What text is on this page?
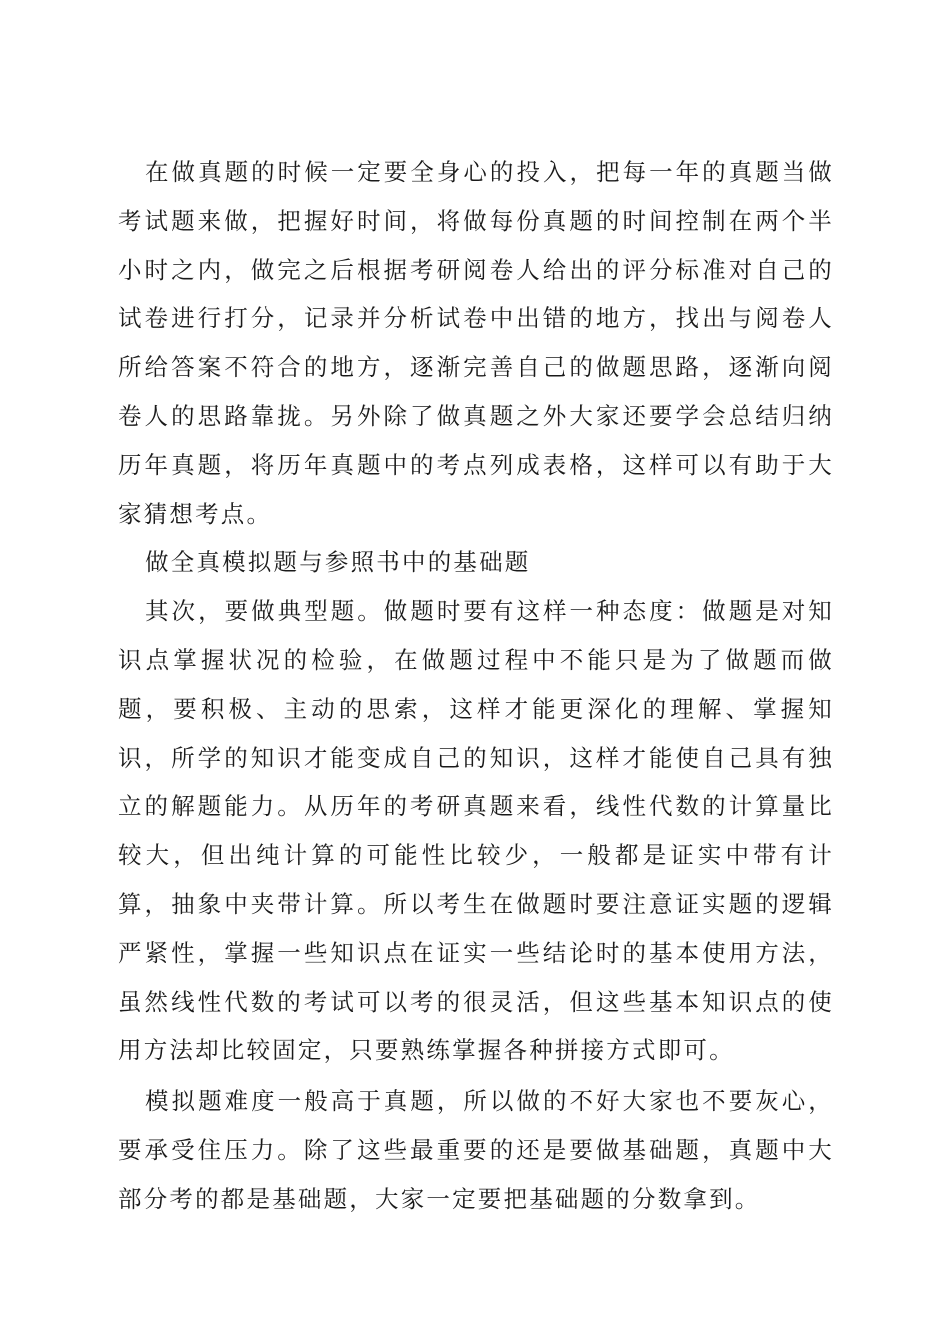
在做真题的时候一定要全身心的投入，把每一年的真题当做考试题来做，把握好时间，将做每份真题的时间控制在两个半小时之内，做完之后根据考研阅卷人给出的评分标准对自己的试卷进行打分，记录并分析试卷中出错的地方，找出与阅卷人所给答案不符合的地方，逐渐完善自己的做题思路，逐渐向阅卷人的思路靠拢。另外除了做真题之外大家还要学会总结归纳历年真题，将历年真题中的考点列成表格，这样可以有助于大家猜想考点。

做全真模拟题与参照书中的基础题

其次，要做典型题。做题时要有这样一种态度：做题是对知识点掌握状况的检验，在做题过程中不能只是为了做题而做题，要积极、主动的思索，这样才能更深化的理解、掌握知识，所学的知识才能变成自己的知识，这样才能使自己具有独立的解题能力。从历年的考研真题来看，线性代数的计算量比较大，但出纯计算的可能性比较少，一般都是证实中带有计算，抽象中夹带计算。所以考生在做题时要注意证实题的逻辑严紧性，掌握一些知识点在证实一些结论时的基本使用方法，虽然线性代数的考试可以考的很灵活，但这些基本知识点的使用方法却比较固定，只要熟练掌握各种拼接方式即可。

模拟题难度一般高于真题，所以做的不好大家也不要灰心，要承受住压力。除了这些最重要的还是要做基础题，真题中大部分考的都是基础题，大家一定要把基础题的分数拿到。
